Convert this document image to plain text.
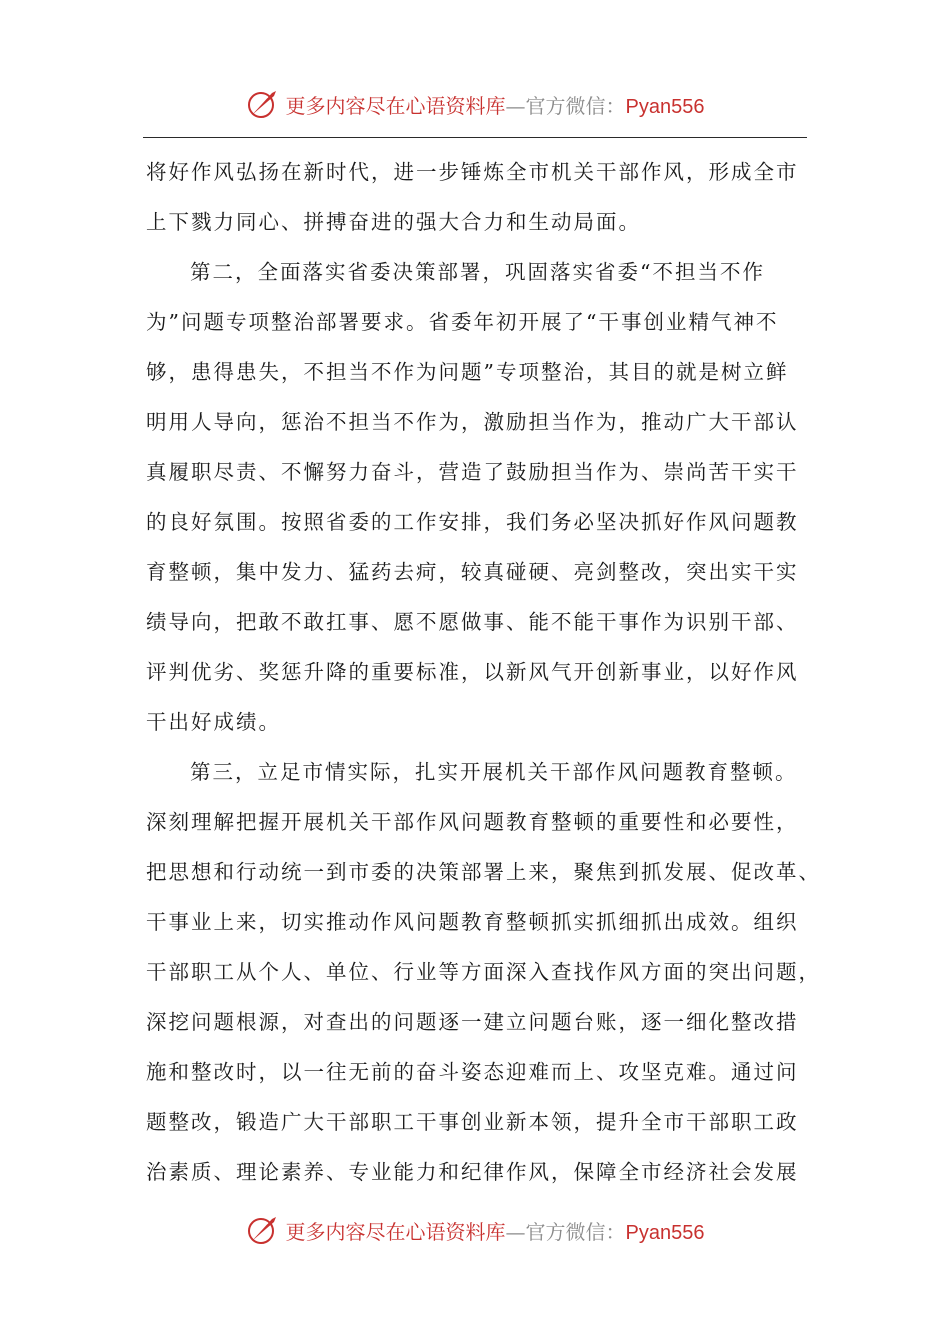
更多内容尽在心语资料库—官方微信：Pyan556
将好作风弘扬在新时代，进一步锤炼全市机关干部作风，形成全市
上下戮力同心、拼搏奋进的强大合力和生动局面。
第二，全面落实省委决策部署，巩固落实省委“不担当不作
为”问题专项整治部署要求。省委年初开展了“干事创业精气神不
够，患得患失，不担当不作为问题”专项整治，其目的就是树立鲜
明用人导向，惩治不担当不作为，激励担当作为，推动广大干部认
真履职尽责、不懈努力奋斗，营造了鼓励担当作为、崇尚苦干实干
的良好氛围。按照省委的工作安排，我们务必坚决抓好作风问题教
育整顿，集中发力、猛药去疴，较真碰硬、亮剑整改，突出实干实
绩导向，把敢不敢扛事、愿不愿做事、能不能干事作为识别干部、
评判优劣、奖惩升降的重要标准，以新风气开创新事业，以好作风
干出好成绩。
第三，立足市情实际，扎实开展机关干部作风问题教育整顿。
深刻理解把握开展机关干部作风问题教育整顿的重要性和必要性，
把思想和行动统一到市委的决策部署上来，聚焦到抓发展、促改革、
干事业上来，切实推动作风问题教育整顿抓实抓细抓出成效。组织
干部职工从个人、单位、行业等方面深入查找作风方面的突出问题，
深挖问题根源，对查出的问题逐一建立问题台账，逐一细化整改措
施和整改时，以一往无前的奋斗姿态迎难而上、攻坚克难。通过问
题整改，锻造广大干部职工干事创业新本领，提升全市干部职工政
治素质、理论素养、专业能力和纪律作风，保障全市经济社会发展
更多内容尽在心语资料库—官方微信：Pyan556
